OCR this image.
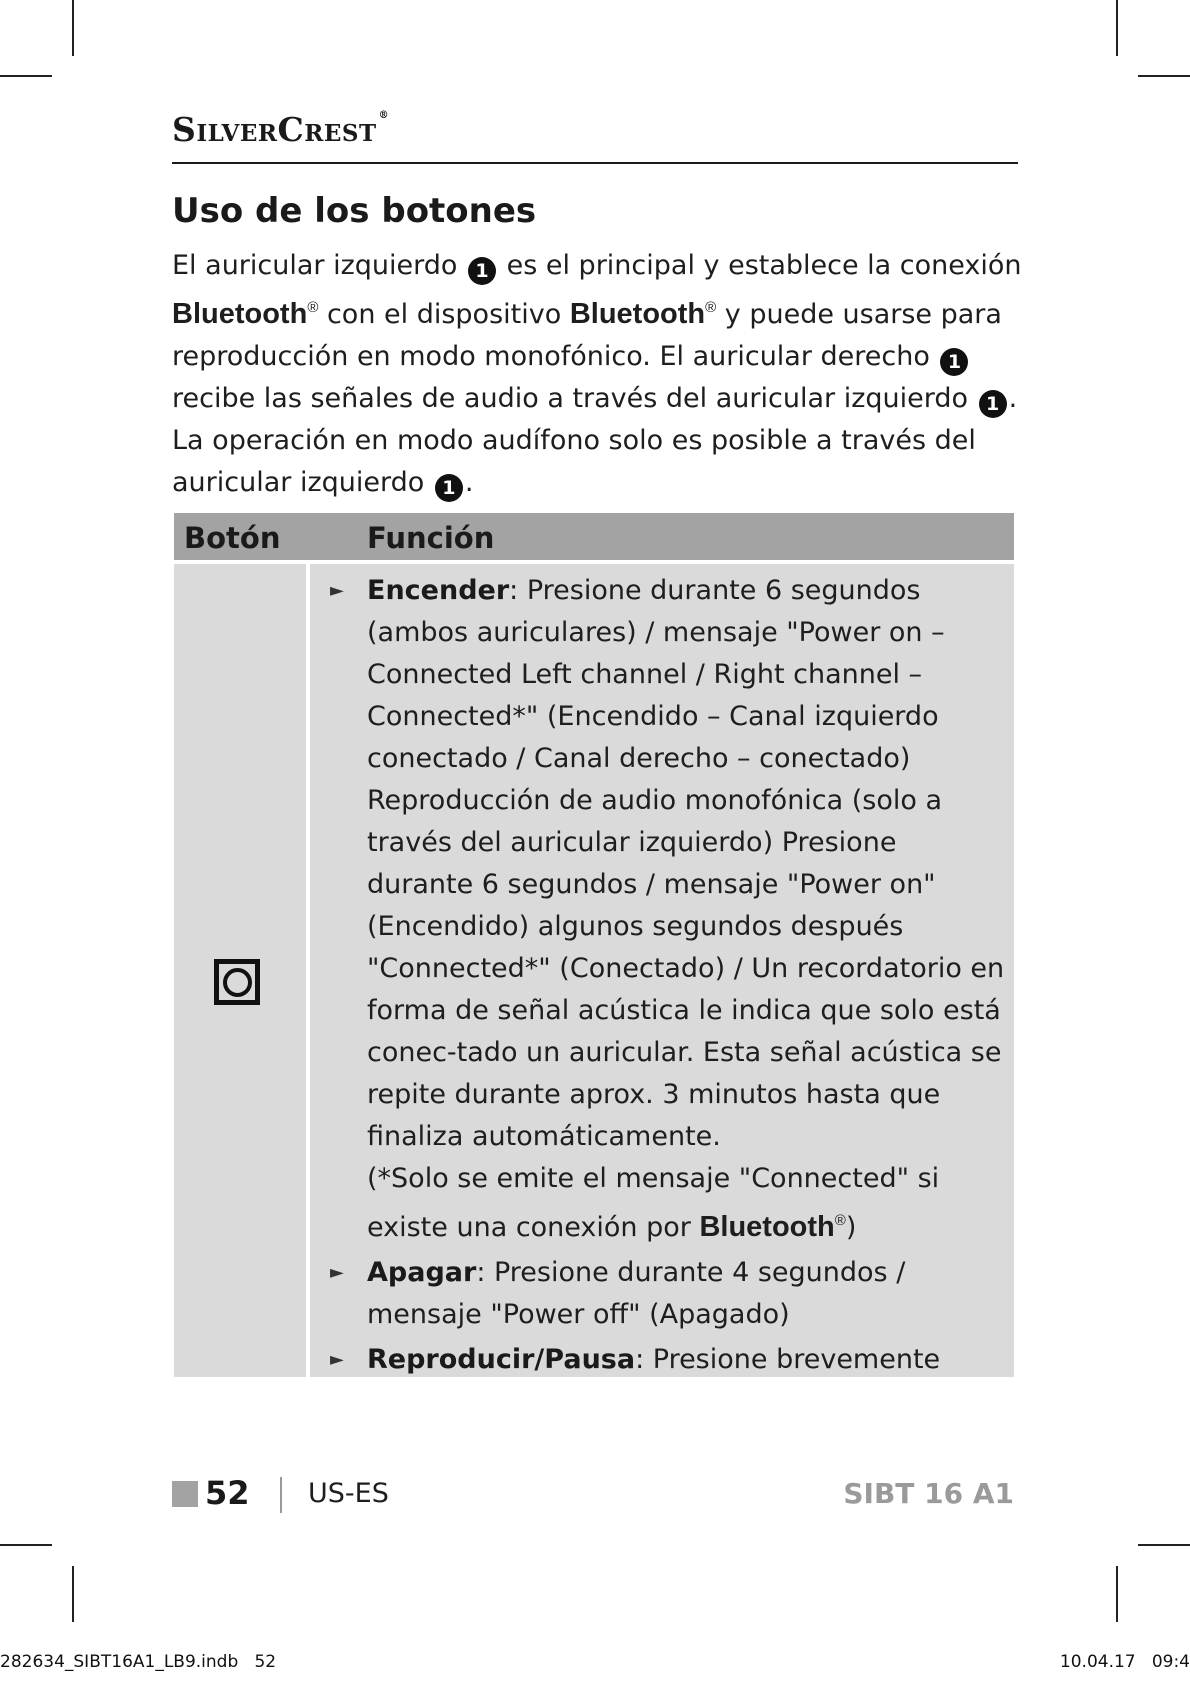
SilverCrest ®
Uso de los botones

El auricular izquierdo 1 es el principal y establece la conexión Bluetooth® con el dispositivo Bluetooth® y puede usarse para reproducción en modo monofónico. El auricular derecho 1 recibe las señales de audio a través del auricular izquierdo 1 . La operación en modo audífono solo es posible a través del auricular izquierdo 1 .

Botón	Función
► Encender: Presione durante 6 segundos (ambos auriculares) / mensaje "Power on – Connected Left channel / Right channel – Connected*" (Encendido – Canal izquierdo conectado / Canal derecho – conectado) Reproducción de audio monofónica (solo a través del auricular izquierdo) Presione durante 6 segundos / mensaje "Power on" (Encendido) algunos segundos después "Connected*" (Conectado) / Un recordatorio en forma de señal acústica le indica que solo está conec-tado un auricular. Esta señal acústica se repite durante aprox. 3 minutos hasta que finaliza automáticamente.
(*Solo se emite el mensaje "Connected" si existe una conexión por Bluetooth®)
► Apagar: Presione durante 4 segundos / mensaje "Power off" (Apagado)
► Reproducir/Pausa: Presione brevemente
52 US-ES	SIBT 16 A1
282634_SIBT16A1_LB9.indb   52	10.04.17   09:4
